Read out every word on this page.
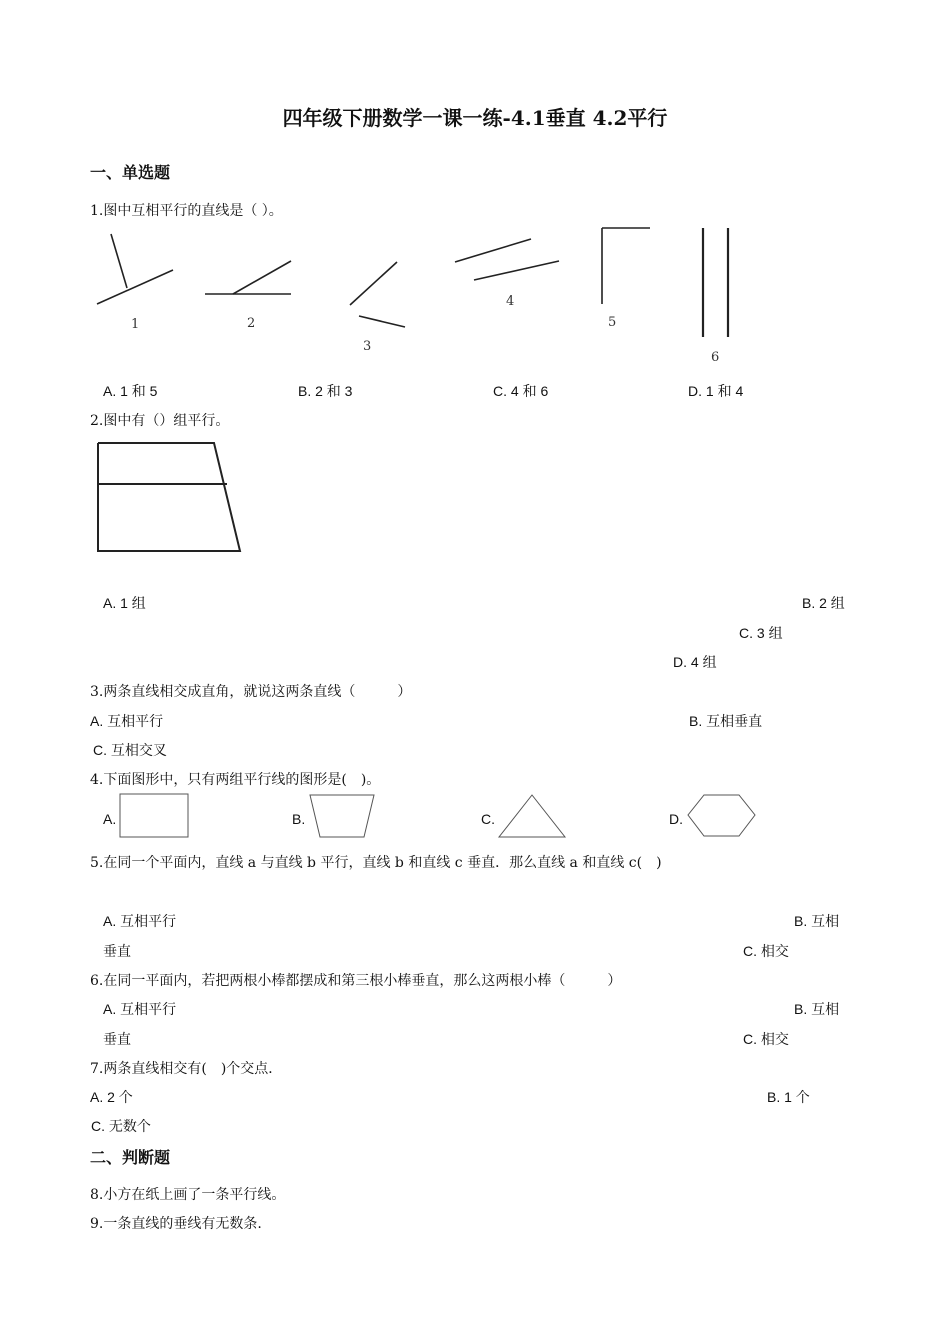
四年级下册数学一课一练-4.1垂直 4.2平行
一、单选题
1.图中互相平行的直线是（ ）。
1	2
3
4
5
6
A. 1 和 5	B. 2 和 3	C. 4 和 6	D. 1 和 4
2.图中有（）组平行。
A. 1 组	B. 2 组
C. 3 组
D. 4 组
3.两条直线相交成直角，就说这两条直线（　　　）
A. 互相平行	B. 互相垂直
C. 互相交叉
4.下面图形中，只有两组平行线的图形是(　)。
A.	B.	C.	D.
5.在同一个平面内，直线 a 与直线 b 平行，直线 b 和直线 c 垂直．那么直线 a 和直线 c(　)
A. 互相平行	B. 互相
垂直	C. 相交
6.在同一平面内，若把两根小棒都摆成和第三根小棒垂直，那么这两根小棒（　　　）
A. 互相平行	B. 互相
垂直	C. 相交
7.两条直线相交有(　)个交点．
A. 2 个	B. 1 个
C. 无数个
二、判断题
8.小方在纸上画了一条平行线。
9.一条直线的垂线有无数条.
